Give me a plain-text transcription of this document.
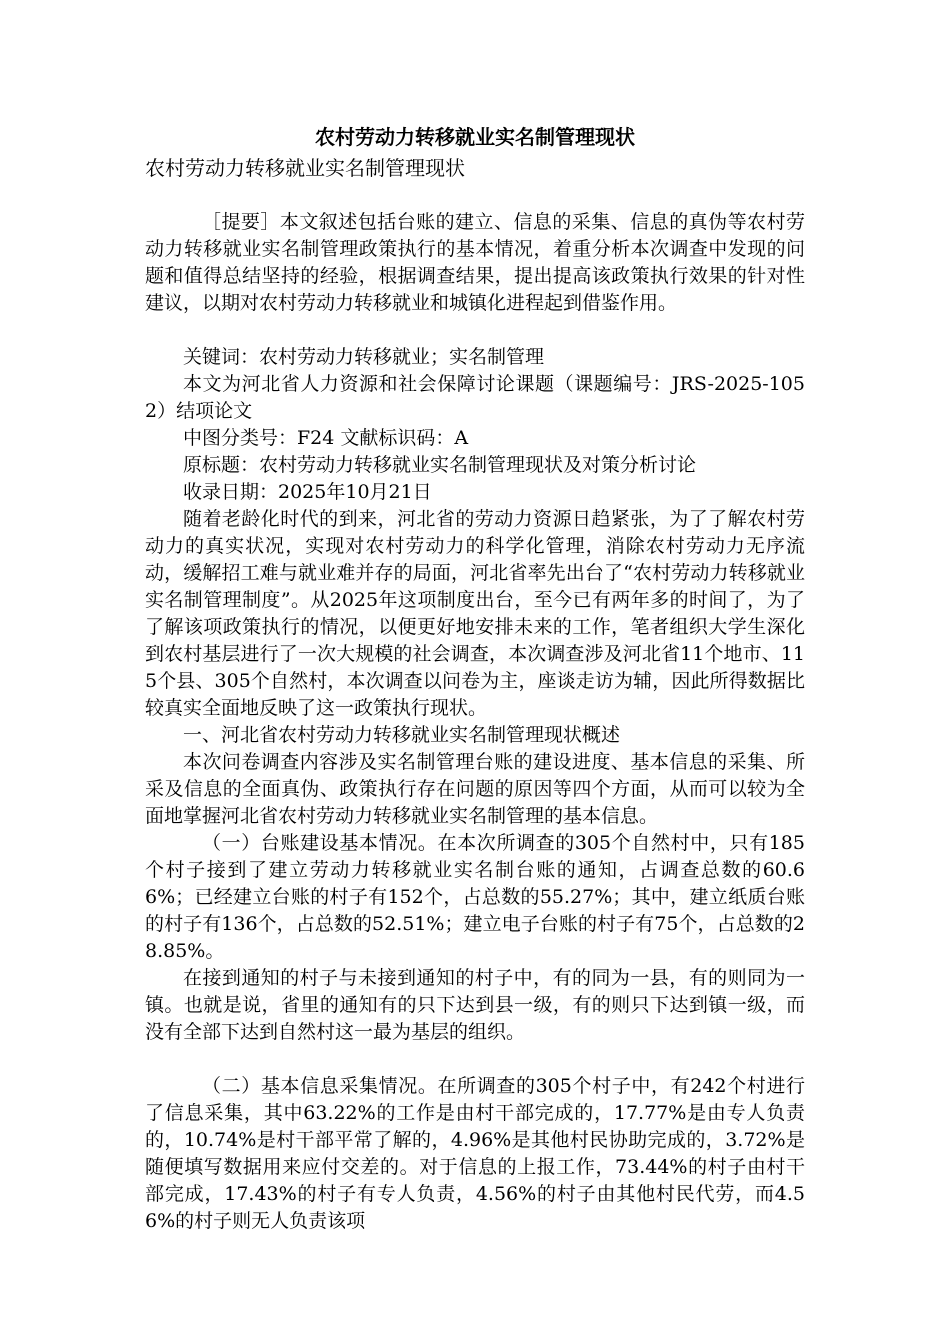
农村劳动力转移就业实名制管理现状

农村劳动力转移就业实名制管理现状

［提要］本文叙述包括台账的建立、信息的采集、信息的真伪等农村劳动力转移就业实名制管理政策执行的基本情况，着重分析本次调查中发现的问题和值得总结坚持的经验，根据调查结果，提出提高该政策执行效果的针对性建议，以期对农村劳动力转移就业和城镇化进程起到借鉴作用。

关键词：农村劳动力转移就业；实名制管理

本文为河北省人力资源和社会保障讨论课题（课题编号：JRS-2025-1052）结项论文

中图分类号：F24 文献标识码：A

原标题：农村劳动力转移就业实名制管理现状及对策分析讨论

收录日期：2025年10月21日

随着老龄化时代的到来，河北省的劳动力资源日趋紧张，为了了解农村劳动力的真实状况，实现对农村劳动力的科学化管理，消除农村劳动力无序流动，缓解招工难与就业难并存的局面，河北省率先出台了“农村劳动力转移就业实名制管理制度”。从2025年这项制度出台，至今已有两年多的时间了，为了了解该项政策执行的情况，以便更好地安排未来的工作，笔者组织大学生深化到农村基层进行了一次大规模的社会调查，本次调查涉及河北省11个地市、115个县、305个自然村，本次调查以问卷为主，座谈走访为辅，因此所得数据比较真实全面地反映了这一政策执行现状。

一、河北省农村劳动力转移就业实名制管理现状概述

本次问卷调查内容涉及实名制管理台账的建设进度、基本信息的采集、所采及信息的全面真伪、政策执行存在问题的原因等四个方面，从而可以较为全面地掌握河北省农村劳动力转移就业实名制管理的基本信息。

（一）台账建设基本情况。在本次所调查的305个自然村中，只有185个村子接到了建立劳动力转移就业实名制台账的通知，占调查总数的60.66%；已经建立台账的村子有152个，占总数的55.27%；其中，建立纸质台账的村子有136个，占总数的52.51%；建立电子台账的村子有75个，占总数的28.85%。

在接到通知的村子与未接到通知的村子中，有的同为一县，有的则同为一镇。也就是说，省里的通知有的只下达到县一级，有的则只下达到镇一级，而没有全部下达到自然村这一最为基层的组织。

（二）基本信息采集情况。在所调查的305个村子中，有242个村进行了信息采集，其中63.22%的工作是由村干部完成的，17.77%是由专人负责的，10.74%是村干部平常了解的，4.96%是其他村民协助完成的，3.72%是随便填写数据用来应付交差的。对于信息的上报工作，73.44%的村子由村干部完成，17.43%的村子有专人负责，4.56%的村子由其他村民代劳，而4.56%的村子则无人负责该项
